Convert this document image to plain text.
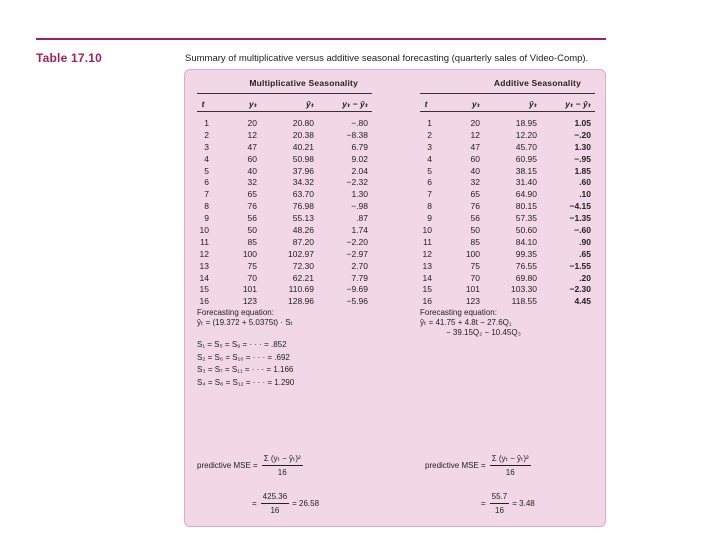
Table 17.10	Summary of multiplicative versus additive seasonal forecasting (quarterly sales of Video-Comp).
Multiplicative Seasonality
t	yₜ	ŷₜ	yₜ − ŷₜ
1	20	20.80	−.80
2	12	20.38	−8.38
3	47	40.21	6.79
4	60	50.98	9.02
5	40	37.96	2.04
6	32	34.32	−2.32
7	65	63.70	1.30
8	76	76.98	−.98
9	56	55.13	.87
10	50	48.26	1.74
11	85	87.20	−2.20
12	100	102.97	−2.97
13	75	72.30	2.70
14	70	62.21	7.79
15	101	110.69	−9.69
16	123	128.96	−5.96
Forecasting equation:
ŷₜ = (19.372 + 5.0375t) · Sₜ
S₁ = S₅ = S₉ = · · · = .852
S₂ = S₆ = S₁₀ = · · · = .692
S₃ = S₇ = S₁₁ = · · · = 1.166
S₄ = S₈ = S₁₂ = · · · = 1.290
predictive MSE = $\frac{\text{Σ (yₜ − ŷₜ)²}}{16}$
= $\frac{425.36}{16} = 26.58$
Additive Seasonality
t	yₜ	ŷₜ	yₜ − ŷₜ
1	20	18.95	1.05
2	12	12.20	−.20
3	47	45.70	1.30
4	60	60.95	−.95
5	40	38.15	1.85
6	32	31.40	.60
7	65	64.90	.10
8	76	80.15	−4.15
9	56	57.35	−1.35
10	50	50.60	−.60
11	85	84.10	.90
12	100	99.35	.65
13	75	76.55	−1.55
14	70	69.80	.20
15	101	103.30	−2.30
16	123	118.55	4.45
Forecasting equation:
ŷₜ = 41.75 + 4.8t − 27.6Q₁
− 39.15Q₂ − 10.45Q₃
predictive MSE = $\frac{\text{Σ (yₜ − ŷₜ)²}}{16}$
= $\frac{55.7}{16} = 3.48$
